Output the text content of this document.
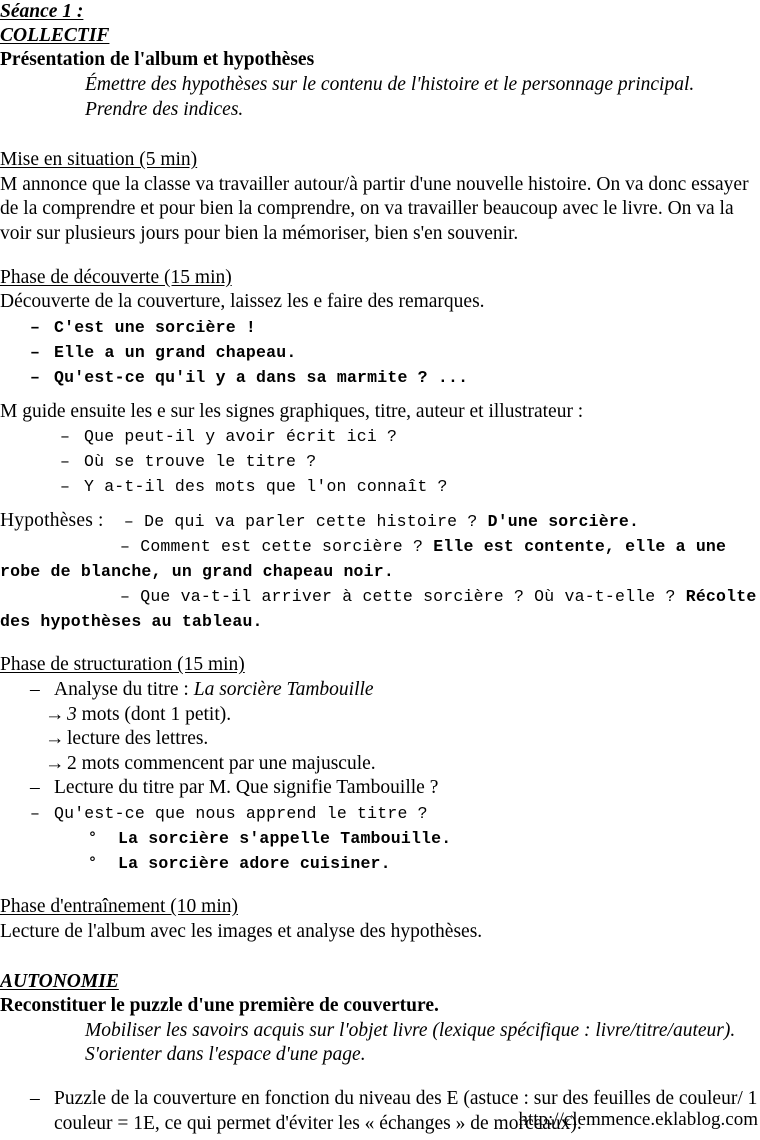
Séance 1 :
COLLECTIF
Présentation de l'album et hypothèses
Émettre des hypothèses sur le contenu de l'histoire et le personnage principal.
Prendre des indices.
Mise en situation (5 min)

M annonce que la classe va travailler autour/à partir d'une nouvelle histoire. On va donc essayer de la comprendre et pour bien la comprendre, on va travailler beaucoup avec le livre. On va la voir sur plusieurs jours pour bien la mémoriser, bien s'en souvenir.

Phase de découverte (15 min)
Découverte de la couverture, laissez les e faire des remarques.
– C'est une sorcière !
– Elle a un grand chapeau.
– Qu'est-ce qu'il y a dans sa marmite ? ...
M guide ensuite les e sur les signes graphiques, titre, auteur et illustrateur :
– Que peut-il y avoir écrit ici ?
– Où se trouve le titre ?
– Y a-t-il des mots que l'on connaît ?
Hypothèses : – De qui va parler cette histoire ? D'une sorcière.
– Comment est cette sorcière ? Elle est contente, elle a une robe de blanche, un grand chapeau noir.
– Que va-t-il arriver à cette sorcière ? Où va-t-elle ? Récolte des hypothèses au tableau.
Phase de structuration (15 min)
– Analyse du titre : La sorcière Tambouille
→ 3 mots (dont 1 petit).
→ lecture des lettres.
→ 2 mots commencent par une majuscule.
– Lecture du titre par M. Que signifie Tambouille ?
– Qu'est-ce que nous apprend le titre ?
°	La sorcière s'appelle Tambouille.
°	La sorcière adore cuisiner.
Phase d'entraînement (10 min)
Lecture de l'album avec les images et analyse des hypothèses.
AUTONOMIE
Reconstituer le puzzle d'une première de couverture.
Mobiliser les savoirs acquis sur l'objet livre (lexique spécifique : livre/titre/auteur).
S'orienter dans l'espace d'une page.
– Puzzle de la couverture en fonction du niveau des E (astuce : sur des feuilles de couleur/ 1 couleur = 1E, ce qui permet d'éviter les « échanges » de morceaux).
http://clemmence.eklablog.com
